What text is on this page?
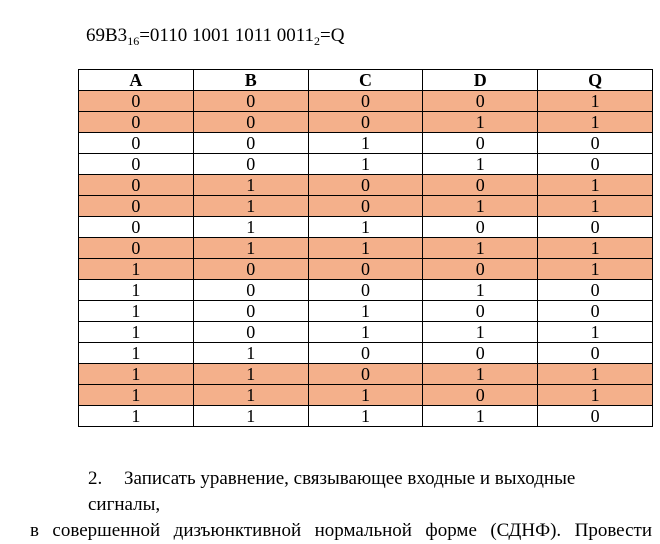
$69B3_{16}=0110$ 1001 1011 $0011_2=Q$
A	B	C	D	Q
0	0	0	0	1
0	0	0	1	1
0	0	1	0	0
0	0	1	1	0
0	1	0	0	1
0	1	0	1	1
0	1	1	0	0
0	1	1	1	1
1	0	0	0	1
1	0	0	1	0
1	0	1	0	0
1	0	1	1	1
1	1	0	0	0
1	1	0	1	1
1	1	1	0	1
1	1	1	1	0
2. Записать уравнение, связывающее входные и выходные сигналы,
в совершенной дизъюнктивной нормальной форме (СДНФ). Провести
